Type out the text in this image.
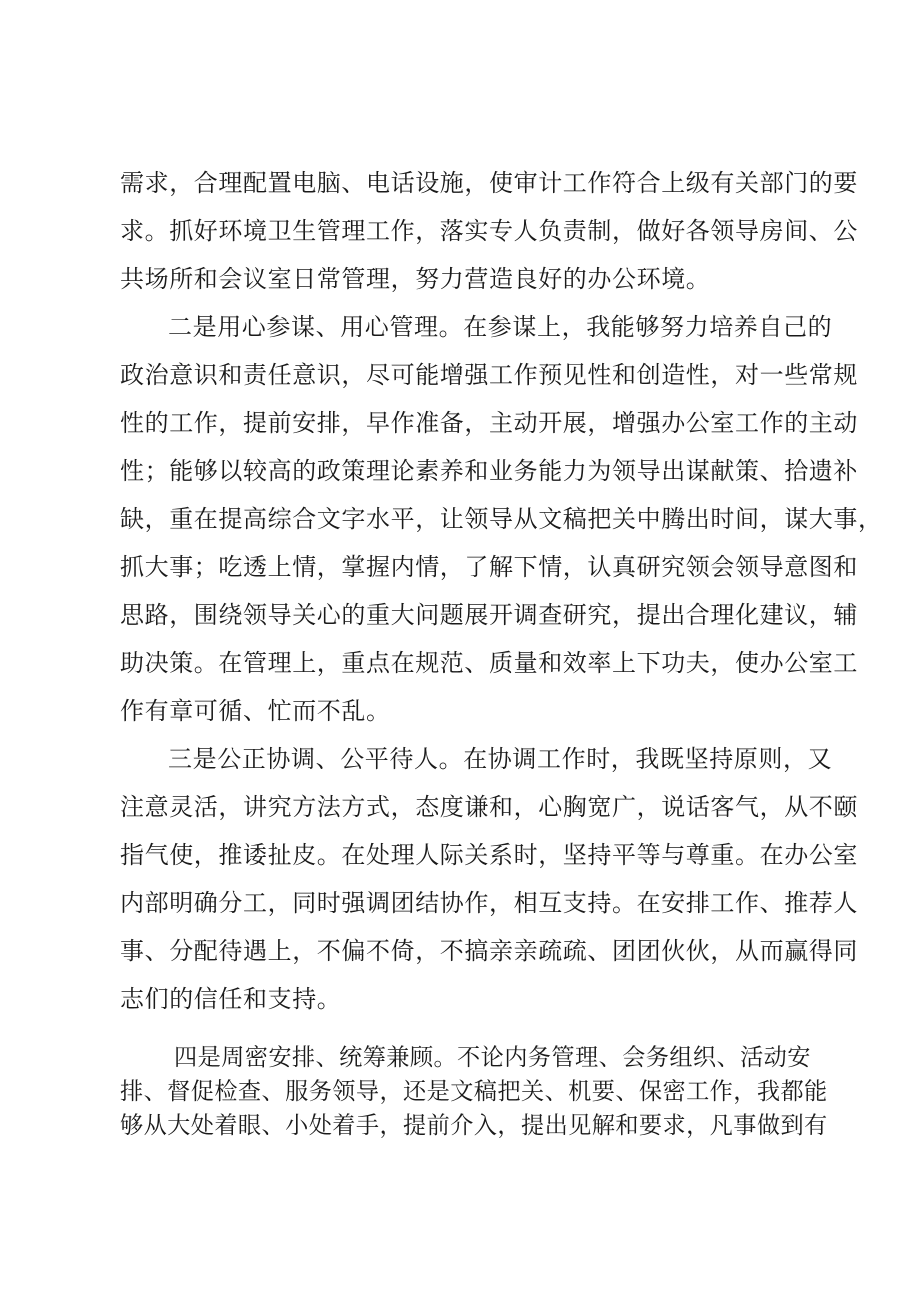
需求，合理配置电脑、电话设施，使审计工作符合上级有关部门的要
求。抓好环境卫生管理工作，落实专人负责制，做好各领导房间、公
共场所和会议室日常管理，努力营造良好的办公环境。
二是用心参谋、用心管理。在参谋上，我能够努力培养自己的
政治意识和责任意识，尽可能增强工作预见性和创造性，对一些常规
性的工作，提前安排，早作准备，主动开展，增强办公室工作的主动
性；能够以较高的政策理论素养和业务能力为领导出谋献策、拾遗补
缺，重在提高综合文字水平，让领导从文稿把关中腾出时间，谋大事，
抓大事；吃透上情，掌握内情，了解下情，认真研究领会领导意图和
思路，围绕领导关心的重大问题展开调查研究，提出合理化建议，辅
助决策。在管理上，重点在规范、质量和效率上下功夫，使办公室工
作有章可循、忙而不乱。
三是公正协调、公平待人。在协调工作时，我既坚持原则，又
注意灵活，讲究方法方式，态度谦和，心胸宽广，说话客气，从不颐
指气使，推诿扯皮。在处理人际关系时，坚持平等与尊重。在办公室
内部明确分工，同时强调团结协作，相互支持。在安排工作、推荐人
事、分配待遇上，不偏不倚，不搞亲亲疏疏、团团伙伙，从而赢得同
志们的信任和支持。
四是周密安排、统筹兼顾。不论内务管理、会务组织、活动安
排、督促检查、服务领导，还是文稿把关、机要、保密工作，我都能
够从大处着眼、小处着手，提前介入，提出见解和要求，凡事做到有
